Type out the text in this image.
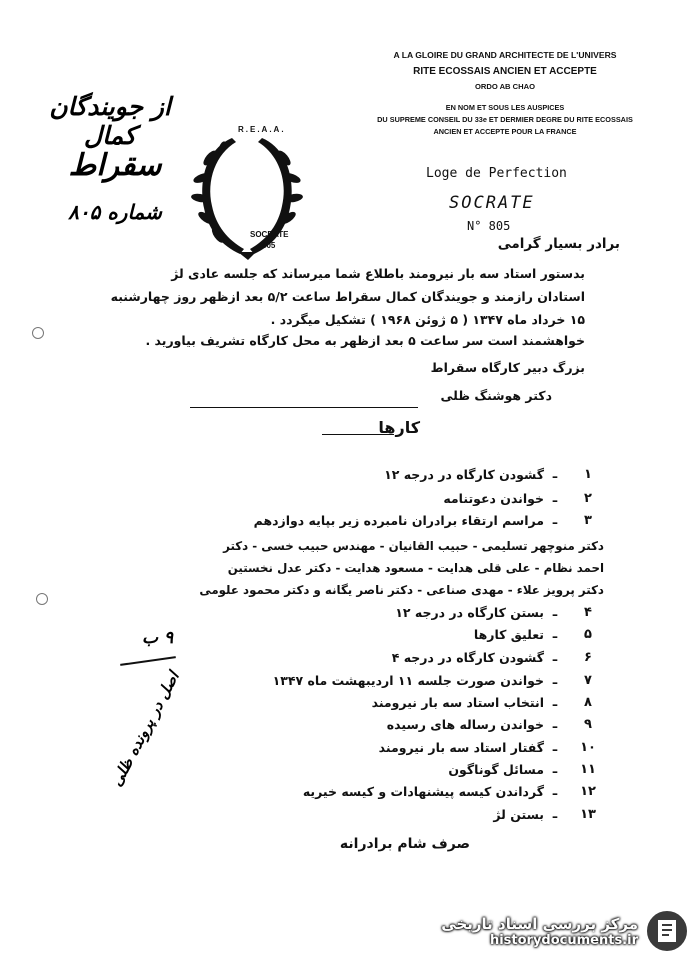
A LA GLOIRE DU GRAND ARCHITECTE DE L'UNIVERS
RITE ECOSSAIS ANCIEN ET ACCEPTE
ORDO AB CHAO
EN NOM ET SOUS LES AUSPICES
DU SUPREME CONSEIL DU 33e ET DERMIER DEGRE DU RITE ECOSSAIS
ANCIEN ET ACCEPTE POUR LA FRANCE
R.E.A.A.
SOCRATE
805
Loge de Perfection
SOCRATE
N° 805
از جویندگان کمال
سقراط
شماره ۸۰۵
برادر بسیار گرامی
بدستور استاد سه بار نیرومند باطلاع شما میرساند که جلسه عادی لژ
استادان رازمند و جویندگان کمال سقراط ساعت ۵/۲ بعد ازظهر روز چهارشنبه
۱۵ خرداد ماه ۱۳۴۷ ( ۵ ژوئن ۱۹۶۸ ) تشکیل میگردد .
خواهشمند است سر ساعت ۵ بعد ازظهر به محل کارگاه تشریف بیاورید .
بزرگ دبیر کارگاه سقراط
دکتر هوشنگ ظلی
کارها
۱
ـ
گشودن کارگاه در درجه ۱۲
۲
ـ
خواندن دعوتنامه
۳
ـ
مراسم ارتقاء برادران نامبرده زیر بپایه دوازدهم
دکتر منوچهر تسلیمی - حبیب القانیان - مهندس حبیب خسی - دکتر
احمد نظام - علی قلی هدایت - مسعود هدایت - دکتر عدل نخستین
دکتر پرویز علاء - مهدی صناعی - دکتر ناصر یگانه و دکتر محمود علومی
۴
ـ
بستن کارگاه در درجه ۱۲
۵
ـ
تعلیق کارها
۶
ـ
گشودن کارگاه در درجه ۴
۷
ـ
خواندن صورت جلسه ۱۱ اردیبهشت ماه ۱۳۴۷
۸
ـ
انتخاب استاد سه بار نیرومند
۹
ـ
خواندن رساله های رسیده
۱۰
ـ
گفتار استاد سه بار نیرومند
۱۱
ـ
مسائل گوناگون
۱۲
ـ
گرداندن کیسه پیشنهادات و کیسه خیریه
۱۳
ـ
بستن لژ
۹ ب
اصل در پرونده ظلی
صرف شام برادرانه
مرکز بررسی اسناد تاریخی
historydocuments.ir
